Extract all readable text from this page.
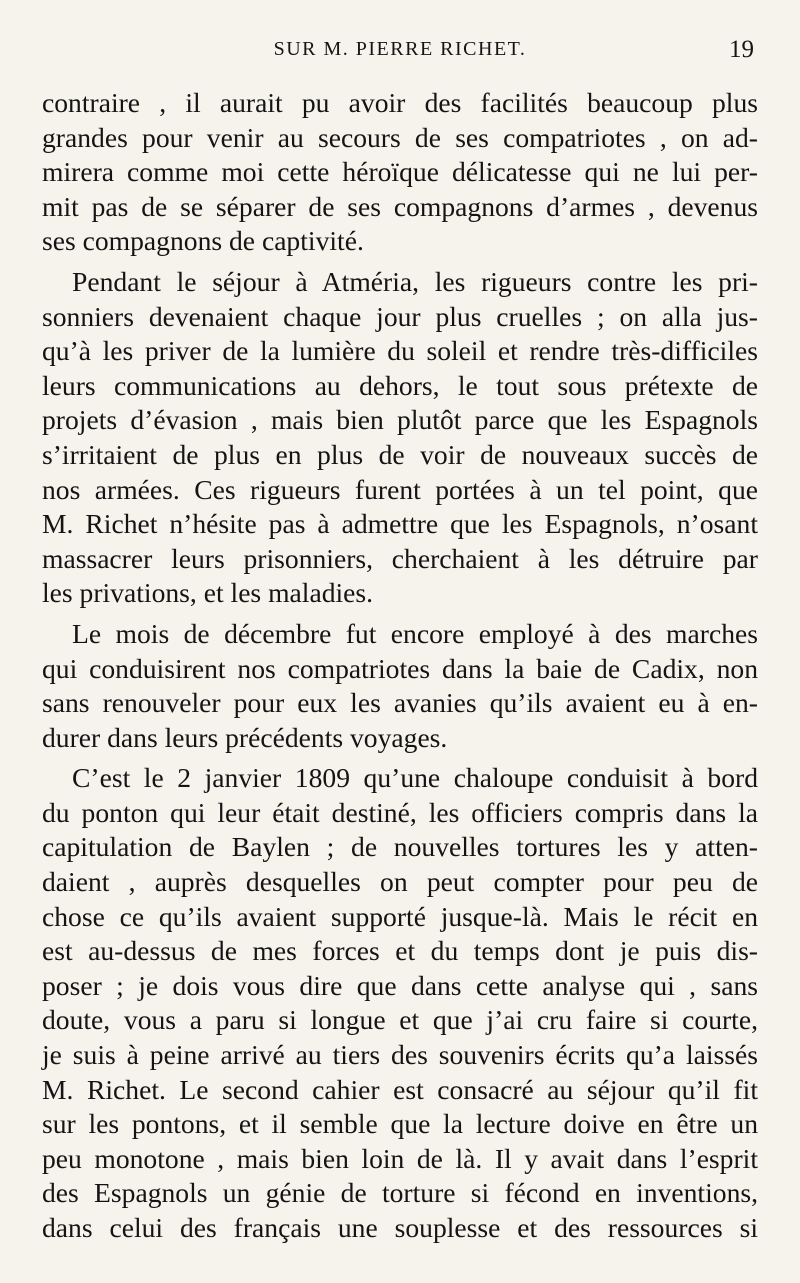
SUR M. PIERRE RICHET.	19
contraire , il aurait pu avoir des facilités beaucoup plus
grandes pour venir au secours de ses compatriotes , on ad-
mirera comme moi cette héroïque délicatesse qui ne lui per-
mit pas de se séparer de ses compagnons d’armes , devenus
ses compagnons de captivité.
Pendant le séjour à Atméria, les rigueurs contre les pri-
sonniers devenaient chaque jour plus cruelles ; on alla jus-
qu’à les priver de la lumière du soleil et rendre très-difficiles
leurs communications au dehors, le tout sous prétexte de
projets d’évasion , mais bien plutôt parce que les Espagnols
s’irritaient de plus en plus de voir de nouveaux succès de
nos armées. Ces rigueurs furent portées à un tel point, que
M. Richet n’hésite pas à admettre que les Espagnols, n’osant
massacrer leurs prisonniers, cherchaient à les détruire par
les privations, et les maladies.
Le mois de décembre fut encore employé à des marches
qui conduisirent nos compatriotes dans la baie de Cadix, non
sans renouveler pour eux les avanies qu’ils avaient eu à en-
durer dans leurs précédents voyages.
C’est le 2 janvier 1809 qu’une chaloupe conduisit à bord
du ponton qui leur était destiné, les officiers compris dans la
capitulation de Baylen ; de nouvelles tortures les y atten-
daient , auprès desquelles on peut compter pour peu de
chose ce qu’ils avaient supporté jusque-là. Mais le récit en
est au-dessus de mes forces et du temps dont je puis dis-
poser ; je dois vous dire que dans cette analyse qui , sans
doute, vous a paru si longue et que j’ai cru faire si courte,
je suis à peine arrivé au tiers des souvenirs écrits qu’a laissés
M. Richet. Le second cahier est consacré au séjour qu’il fit
sur les pontons, et il semble que la lecture doive en être un
peu monotone , mais bien loin de là. Il y avait dans l’esprit
des Espagnols un génie de torture si fécond en inventions,
dans celui des français une souplesse et des ressources si
